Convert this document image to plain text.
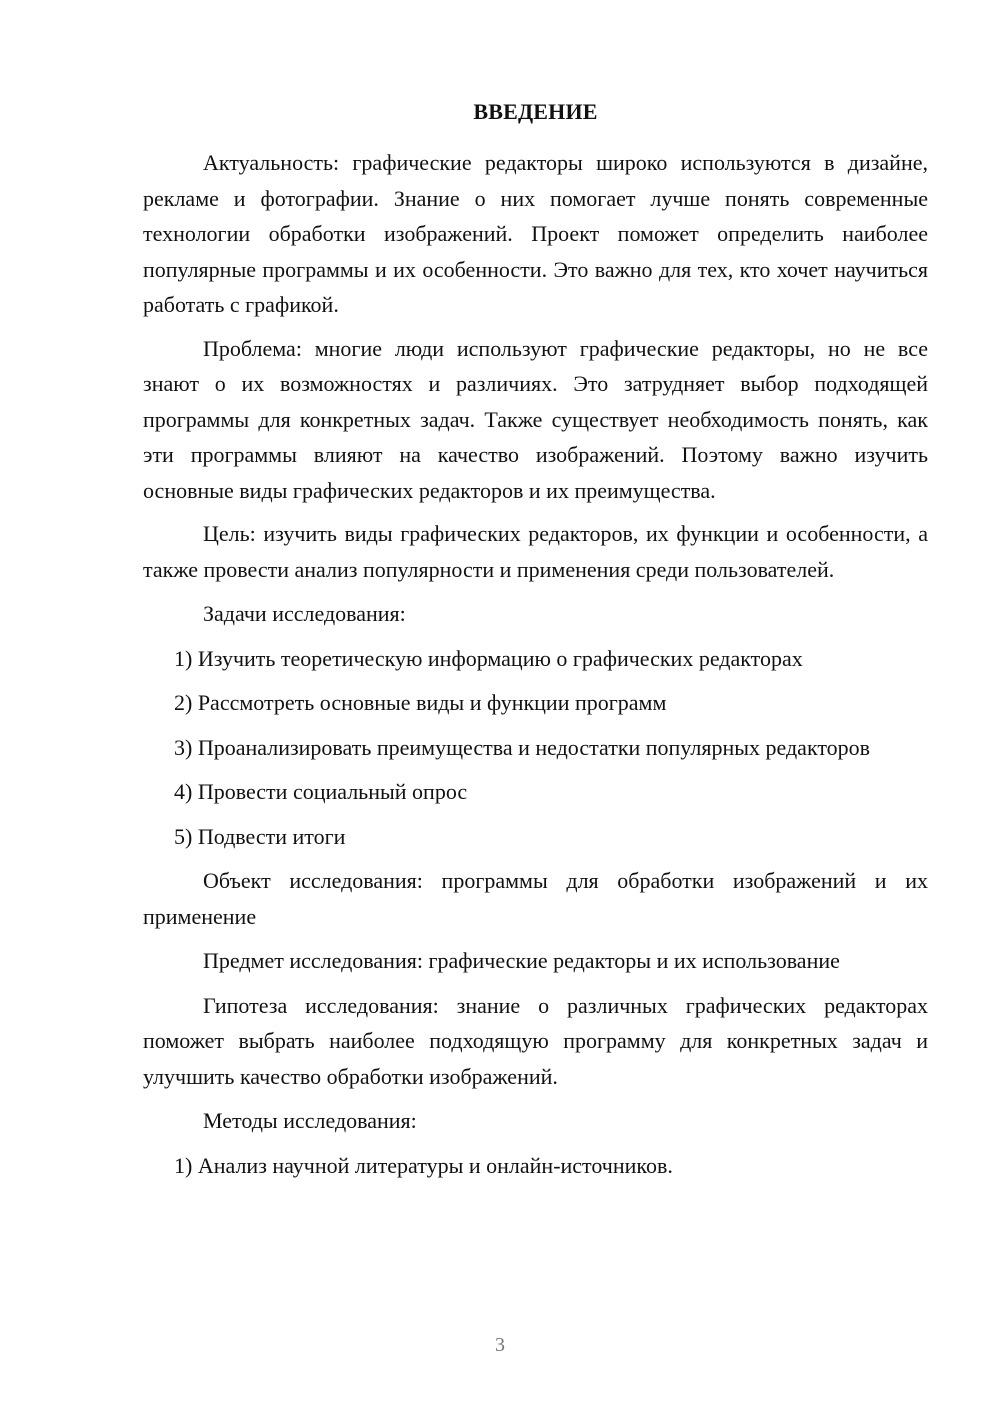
ВВЕДЕНИЕ

Актуальность: графические редакторы широко используются в дизайне, рекламе и фотографии. Знание о них помогает лучше понять современные технологии обработки изображений. Проект поможет определить наиболее популярные программы и их особенности. Это важно для тех, кто хочет научиться работать с графикой.

Проблема: многие люди используют графические редакторы, но не все знают о их возможностях и различиях. Это затрудняет выбор подходящей программы для конкретных задач. Также существует необходимость понять, как эти программы влияют на качество изображений. Поэтому важно изучить основные виды графических редакторов и их преимущества.

Цель: изучить виды графических редакторов, их функции и особенности, а также провести анализ популярности и применения среди пользователей.

Задачи исследования:

1) Изучить теоретическую информацию о графических редакторах

2) Рассмотреть основные виды и функции программ

3) Проанализировать преимущества и недостатки популярных редакторов

4) Провести социальный опрос

5) Подвести итоги

Объект исследования: программы для обработки изображений и их применение

Предмет исследования: графические редакторы и их использование

Гипотеза исследования: знание о различных графических редакторах поможет выбрать наиболее подходящую программу для конкретных задач и улучшить качество обработки изображений.

Методы исследования:

1) Анализ научной литературы и онлайн-источников.

3
